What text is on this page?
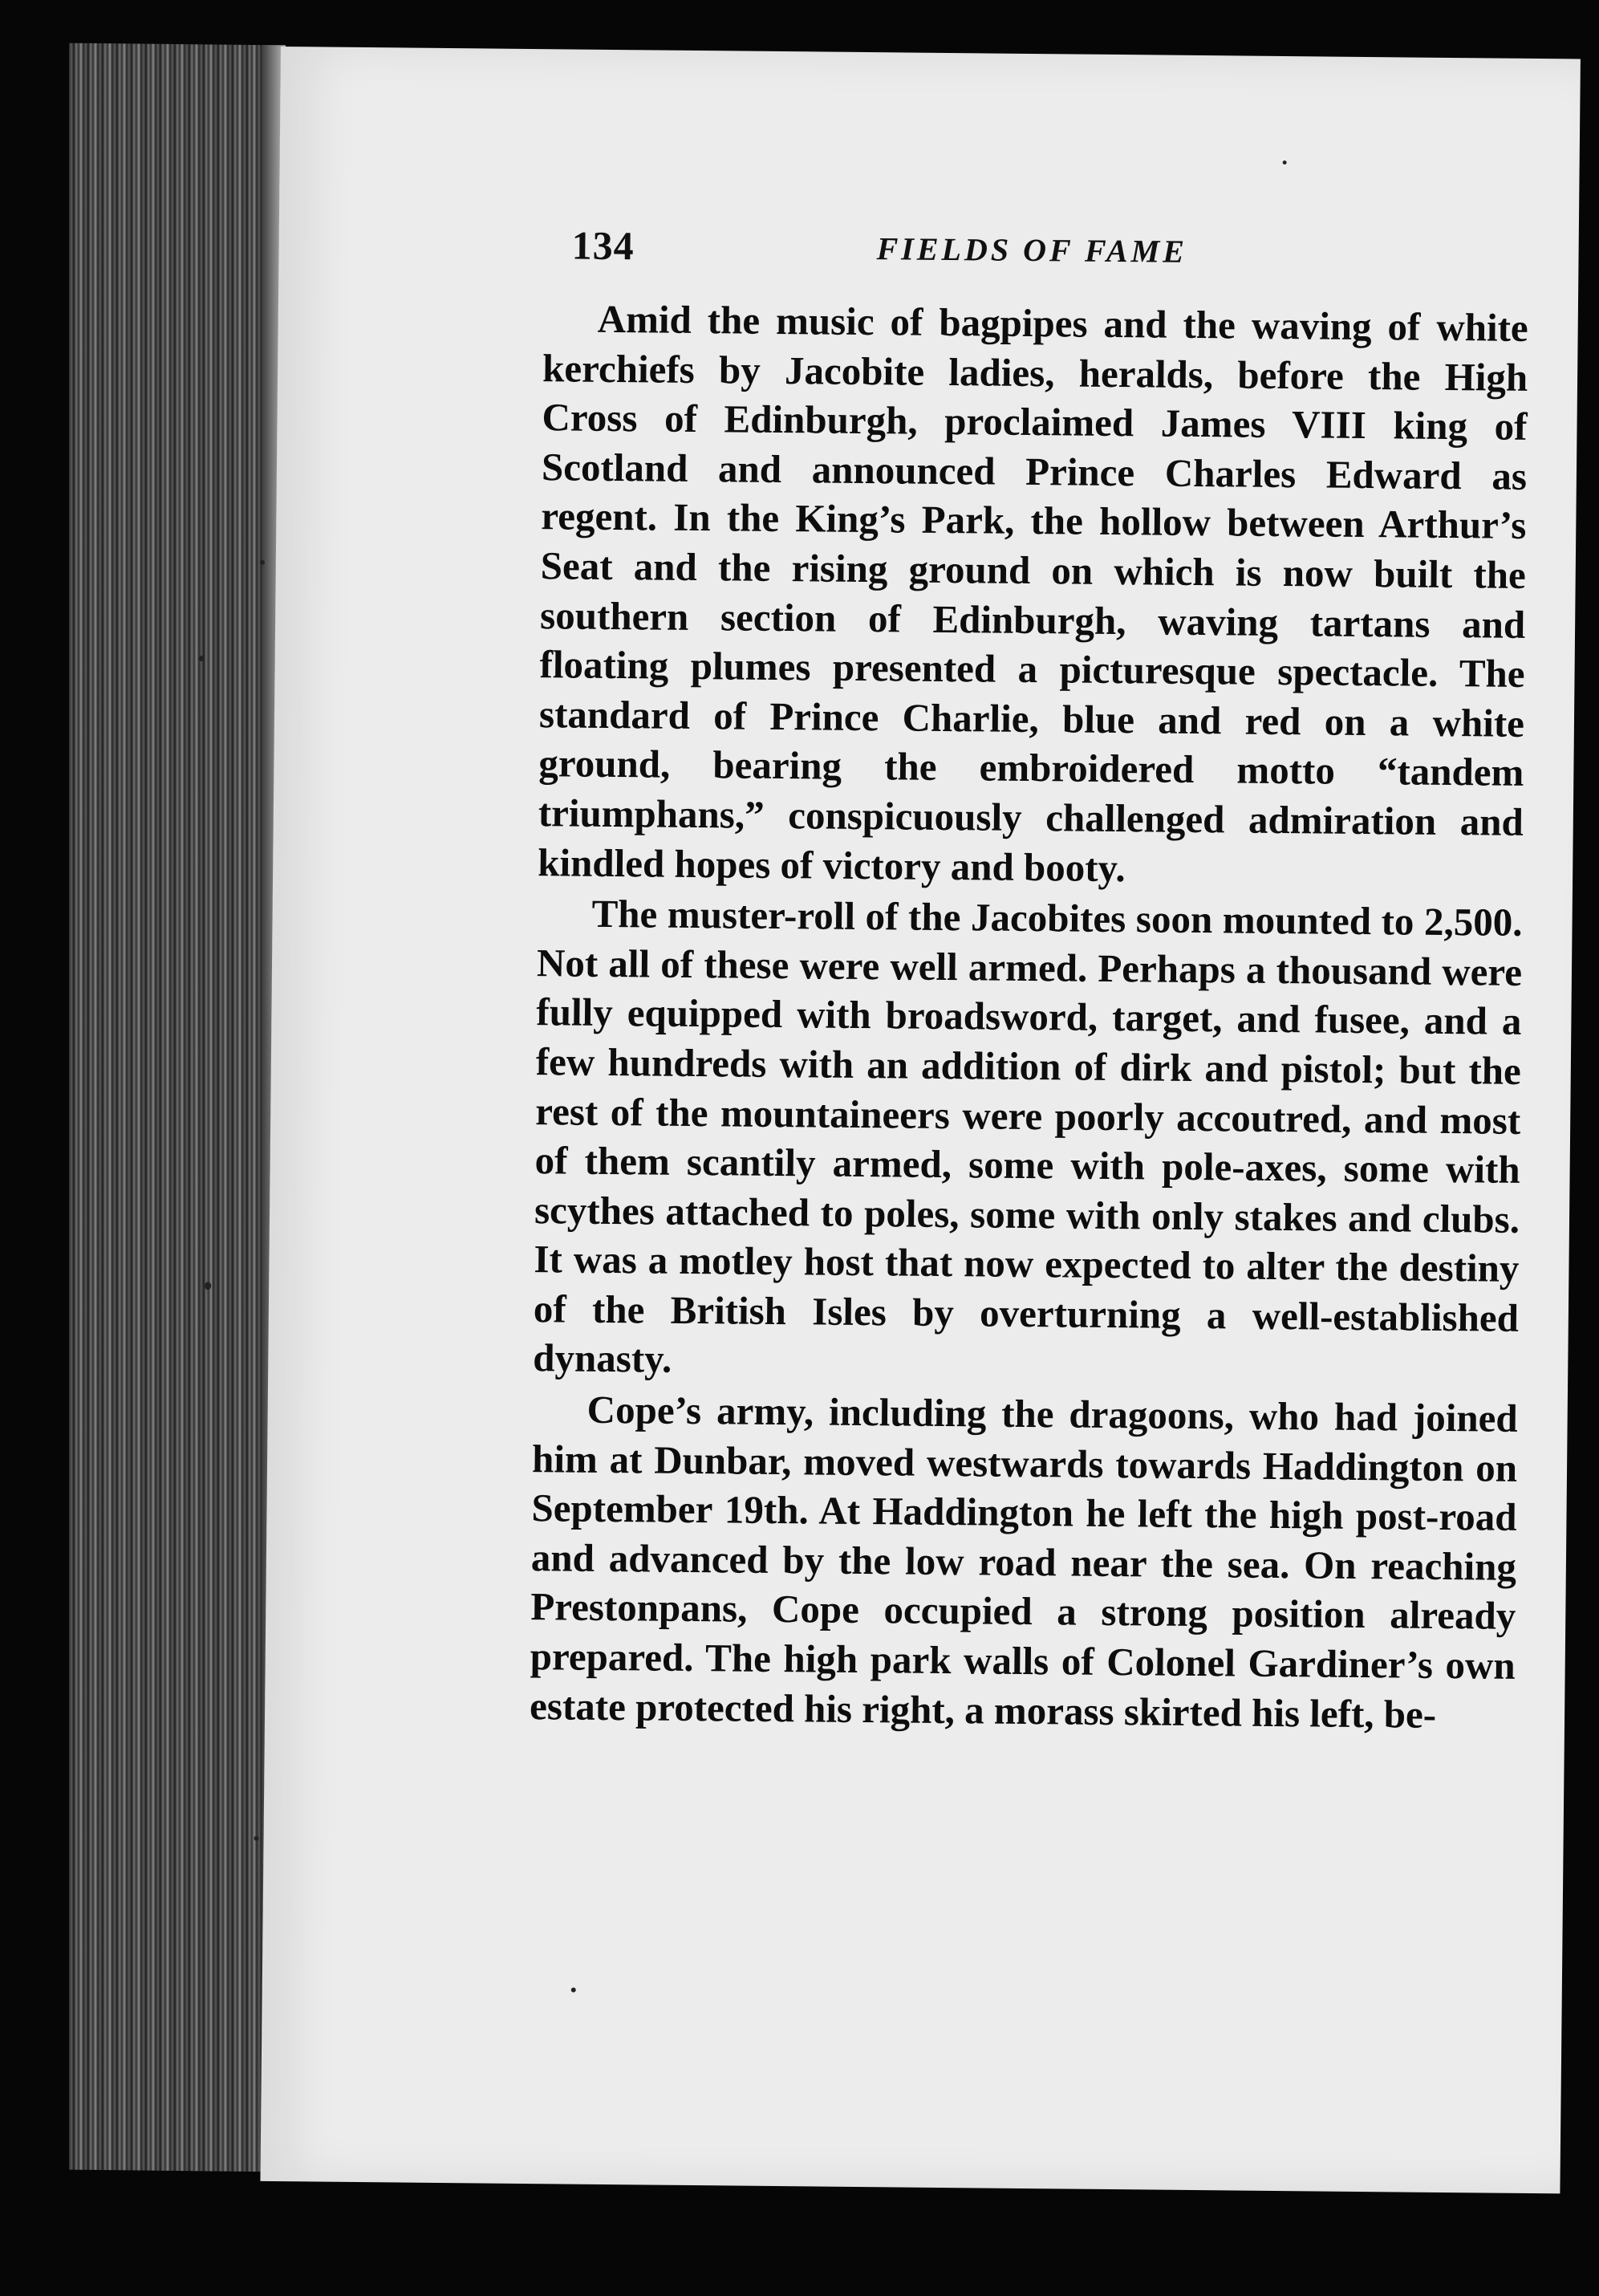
134	FIELDS OF FAME

Amid the music of bagpipes and the waving of white kerchiefs by Jacobite ladies, heralds, before the High Cross of Edinburgh, proclaimed James VIII king of Scotland and announced Prince Charles Edward as regent. In the King’s Park, the hollow between Arthur’s Seat and the rising ground on which is now built the southern section of Edinburgh, waving tartans and floating plumes presented a picturesque spectacle. The standard of Prince Charlie, blue and red on a white ground, bearing the embroidered motto “tandem triumphans,” conspicuously challenged admiration and kindled hopes of victory and booty.

The muster-roll of the Jacobites soon mounted to 2,500. Not all of these were well armed. Perhaps a thousand were fully equipped with broadsword, target, and fusee, and a few hundreds with an addition of dirk and pistol; but the rest of the mountaineers were poorly accoutred, and most of them scantily armed, some with pole-axes, some with scythes attached to poles, some with only stakes and clubs. It was a motley host that now expected to alter the destiny of the British Isles by overturning a well-established dynasty.

Cope’s army, including the dragoons, who had joined him at Dunbar, moved westwards towards Haddington on September 19th. At Haddington he left the high post-road and advanced by the low road near the sea. On reaching Prestonpans, Cope occupied a strong position already prepared. The high park walls of Colonel Gardiner’s own estate protected his right, a morass skirted his left, be-
